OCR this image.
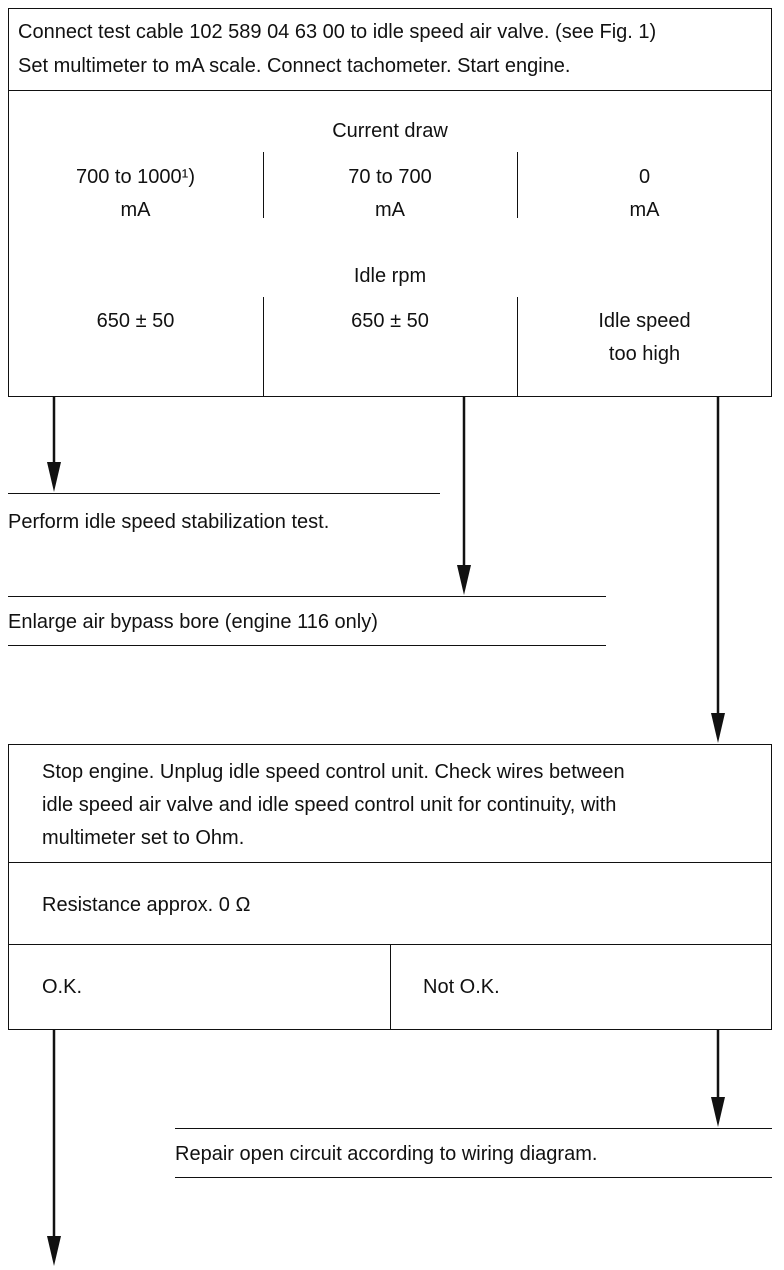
Connect test cable 102 589 04 63 00 to idle speed air valve. (see Fig. 1)
Set multimeter to mA scale. Connect tachometer. Start engine.
Current draw
700 to 1000¹)
mA
70 to 700
mA
0
mA
Idle rpm
650 ± 50	650 ± 50	Idle speed
too high
Perform idle speed stabilization test.
Enlarge air bypass bore (engine 116 only)
Stop engine. Unplug idle speed control unit. Check wires between
idle speed air valve and idle speed control unit for continuity, with
multimeter set to Ohm.
Resistance approx. 0 Ω
O.K.	Not O.K.
Repair open circuit according to wiring diagram.
